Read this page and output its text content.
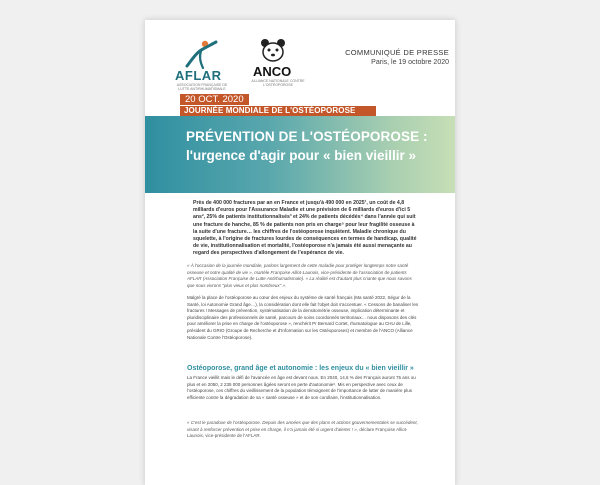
AFLAR
ASSOCIATION FRANÇAISE DE LUTTE ANTIRHUMATISMALE
ANCO
ALLIANCE NATIONALE CONTRE L'OSTÉOPOROSE
COMMUNIQUÉ DE PRESSE
Paris, le 19 octobre 2020
20 OCT. 2020
JOURNÉE MONDIALE DE L'OSTÉOPOROSE
PRÉVENTION DE L'OSTÉOPOROSE :
l'urgence d'agir pour « bien vieillir »
Près de 400 000 fractures par an en France et jusqu'à 490 000 en 2025¹, un coût de 4,8 milliards d'euros pour l'Assurance Maladie et une prévision de 6 milliards d'euros d'ici 5 ans², 25% de patients institutionnalisés³ et 24% de patients décédés⁴ dans l'année qui suit une fracture de hanche, 85 % de patients non pris en charge⁵ pour leur fragilité osseuse à la suite d'une fracture… les chiffres de l'ostéoporose inquiètent. Maladie chronique du squelette, à l'origine de fractures lourdes de conséquences en termes de handicap, qualité de vie, institutionnalisation et mortalité, l'ostéoporose n'a jamais été aussi menaçante au regard des perspectives d'allongement de l'espérance de vie.
« À l'occasion de la journée mondiale, parlons largement de cette maladie pour protéger longtemps notre santé osseuse et notre qualité de vie », martèle Françoise Alliot-Launois, vice-présidente de l'association de patients AFLAR (Association Française de Lutte Antirhumatismale). « La réalité est d'autant plus criante que nous savons que nous vivrons "plus vieux et plus nombreux" ».
Malgré la place de l'ostéoporose au cœur des enjeux du système de santé français (Ma santé 2022, Ségur de la Santé, loi Autonomie Grand âge…), la considération dont elle fait l'objet doit s'accentuer. « Cessons de banaliser les fractures ! Messages de prévention, systématisation de la densitométrie osseuse, implication déterminante et pluridisciplinaire des professionnels de santé, parcours de soins coordonnés territoriaux… nous disposons des clés pour améliorer la prise en charge de l'ostéoporose », renchérit Pr Bernard Cortet, rhumatologue au CHU de Lille, président du GRIO (Groupe de Recherche et d'Information sur les Ostéoporoses) et membre de l'ANCO (Alliance Nationale Contre l'Ostéoporose).
Ostéoporose, grand âge et autonomie : les enjeux du « bien vieillir »
La France vieillit mais le défi de l'avancée en âge est devant nous. En 2040, 14,6 % des Français auront 75 ans ou plus et en 2050, 2 235 000 personnes âgées seront en perte d'autonomie⁶. Mis en perspective avec ceux de l'ostéoporose, ces chiffres du vieillissement de la population témoignent de l'importance de lutter de manière plus efficiente contre la dégradation de sa « santé osseuse » et de son corollaire, l'institutionnalisation.
« C'est le paradoxe de l'ostéoporose. Depuis des années que des plans et actions gouvernementales se succèdent, visant à renforcer prévention et prise en charge, il n'a jamais été si urgent d'alerter ! », déclare Françoise Alliot-Launois, vice-présidente de l'AFLAR.
